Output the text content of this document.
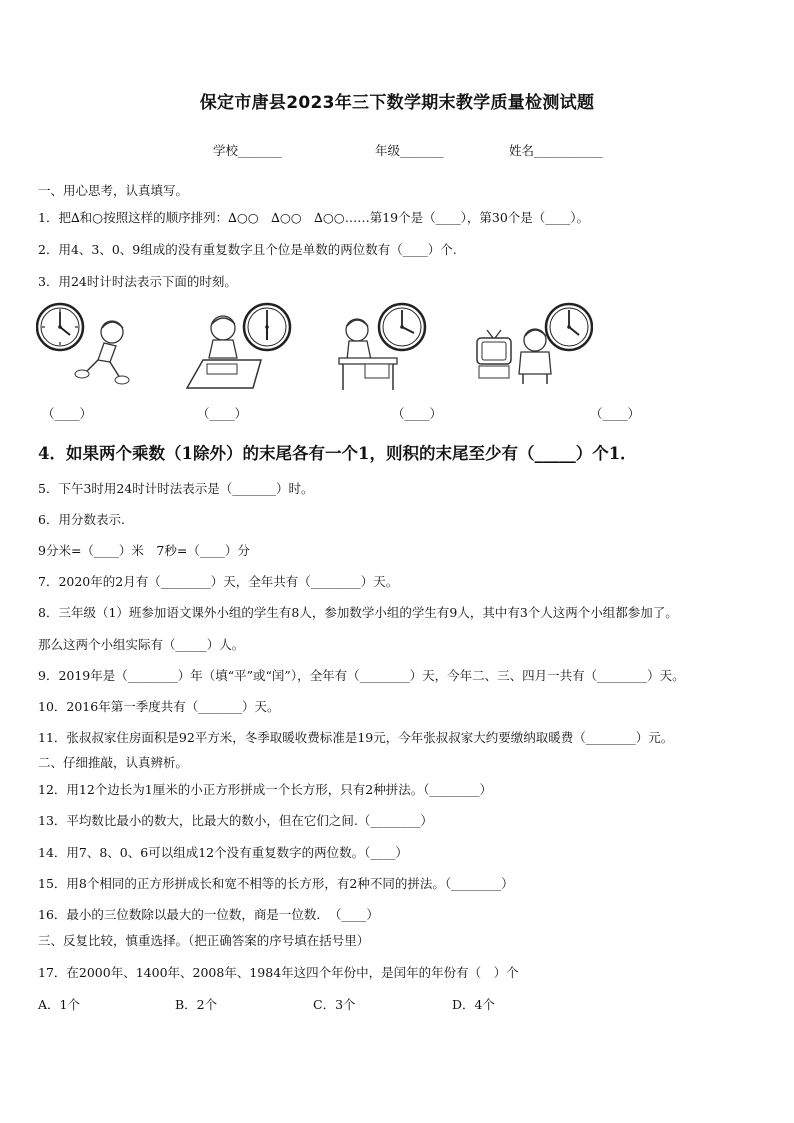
保定市唐县2023年三下数学期末教学质量检测试题
学校_______	年级_______	姓名___________
一、用心思考，认真填写。
1．把∆和○按照这样的顺序排列：∆○○　∆○○　∆○○……第19个是（____），第30个是（____）。
2．用4、3、0、9组成的没有重复数字且个位是单数的两位数有（____）个.
3．用24时计时法表示下面的时刻。
（____）	（____）	（____）	（____）
4．如果两个乘数（1除外）的末尾各有一个1，则积的末尾至少有（_____）个1．
5．下午3时用24时计时法表示是（_______）时。
6．用分数表示.
9分米=（____）米　7秒=（____）分
7．2020年的2月有（________）天，全年共有（________）天。
8．三年级（1）班参加语文课外小组的学生有8人，参加数学小组的学生有9人，其中有3个人这两个小组都参加了。
那么这两个小组实际有（_____）人。
9．2019年是（________）年（填“平”或“闰”），全年有（________）天，今年二、三、四月一共有（________）天。
10．2016年第一季度共有（_______）天。
11．张叔叔家住房面积是92平方米，冬季取暖收费标准是19元，今年张叔叔家大约要缴纳取暖费（________）元。
二、仔细推敲，认真辨析。
12．用12个边长为1厘米的小正方形拼成一个长方形，只有2种拼法。（________）
13．平均数比最小的数大，比最大的数小，但在它们之间.（________）
14．用7、8、0、6可以组成12个没有重复数字的两位数。（____）
15．用8个相同的正方形拼成长和宽不相等的长方形，有2种不同的拼法。（________）
16．最小的三位数除以最大的一位数，商是一位数．　（____）
三、反复比较，慎重选择。（把正确答案的序号填在括号里）
17．在2000年、1400年、2008年、1984年这四个年份中，是闰年的年份有（　）个
A．1个	B．2个	C．3个	D．4个
